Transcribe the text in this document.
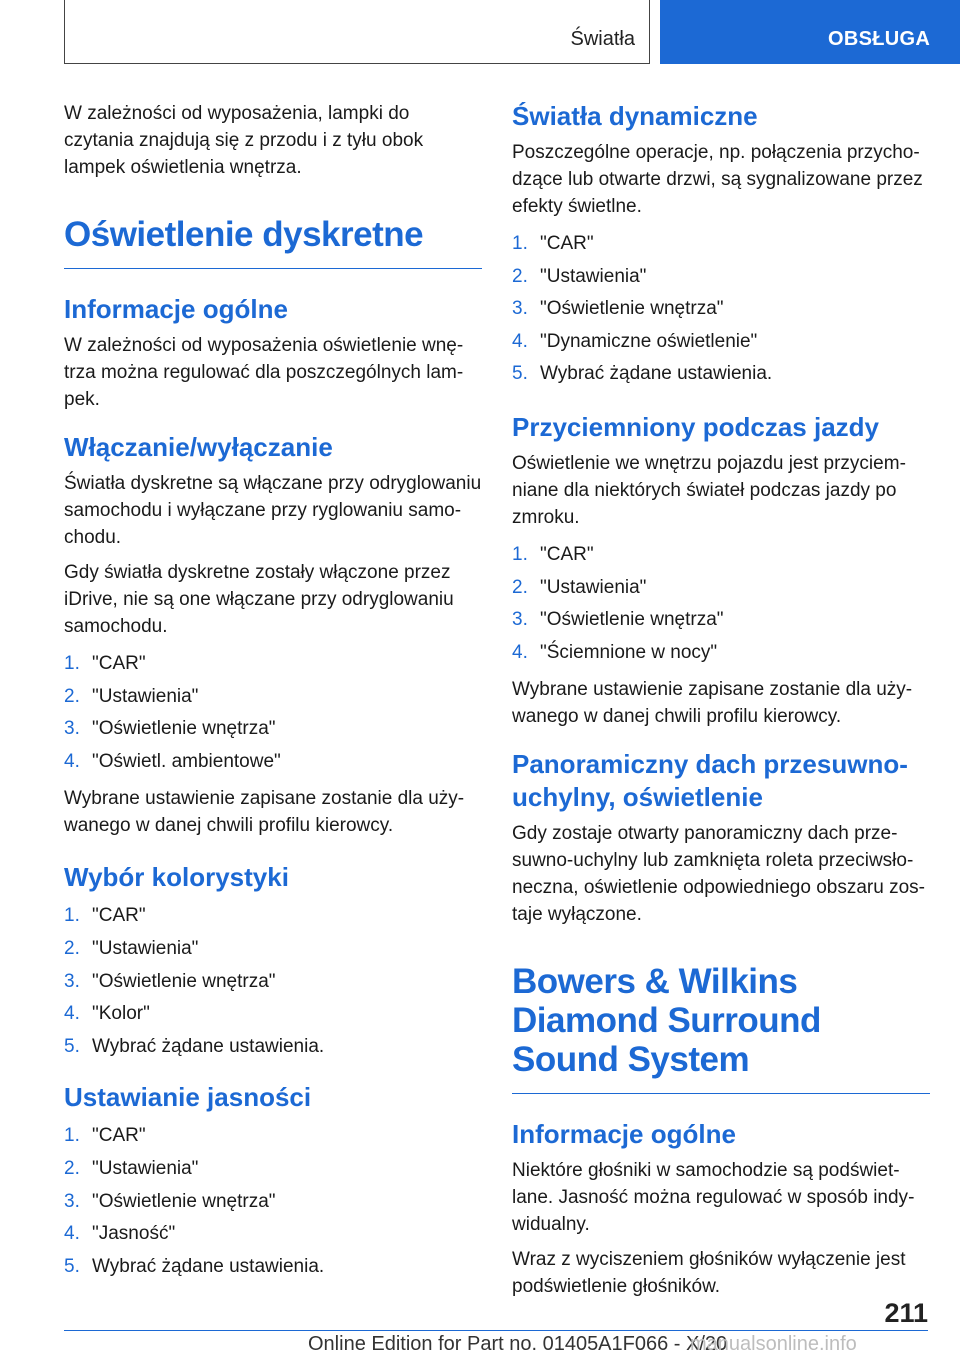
Światła	OBSŁUGA

W zależności od wyposażenia, lampki do czytania znajdują się z przodu i z tyłu obok lampek oświetlenia wnętrza.

Oświetlenie dyskretne
Informacje ogólne

W zależności od wyposażenia oświetlenie wnętrza można regulować dla poszczególnych lampek.

Włączanie/wyłączanie

Światła dyskretne są włączane przy odryglowaniu samochodu i wyłączane przy ryglowaniu samochodu.

Gdy światła dyskretne zostały włączone przez iDrive, nie są one włączane przy odryglowaniu samochodu.

1. "CAR"
2. "Ustawienia"
3. "Oświetlenie wnętrza"
4. "Oświetl. ambientowe"

Wybrane ustawienie zapisane zostanie dla używanego w danej chwili profilu kierowcy.

Wybór kolorystyki
1. "CAR"
2. "Ustawienia"
3. "Oświetlenie wnętrza"
4. "Kolor"
5. Wybrać żądane ustawienia.
Ustawianie jasności
1. "CAR"
2. "Ustawienia"
3. "Oświetlenie wnętrza"
4. "Jasność"
5. Wybrać żądane ustawienia.
Światła dynamiczne

Poszczególne operacje, np. połączenia przychodzące lub otwarte drzwi, są sygnalizowane przez efekty świetlne.

1. "CAR"
2. "Ustawienia"
3. "Oświetlenie wnętrza"
4. "Dynamiczne oświetlenie"
5. Wybrać żądane ustawienia.
Przyciemniony podczas jazdy

Oświetlenie we wnętrzu pojazdu jest przyciemniane dla niektórych świateł podczas jazdy po zmroku.

1. "CAR"
2. "Ustawienia"
3. "Oświetlenie wnętrza"
4. "Ściemnione w nocy"

Wybrane ustawienie zapisane zostanie dla używanego w danej chwili profilu kierowcy.

Panoramiczny dach przesuwno-uchylny, oświetlenie

Gdy zostaje otwarty panoramiczny dach przesuwno-uchylny lub zamknięta roleta przeciwsłoneczna, oświetlenie odpowiedniego obszaru zostaje wyłączone.

Bowers & Wilkins Diamond Surround Sound System
Informacje ogólne

Niektóre głośniki w samochodzie są podświetlane. Jasność można regulować w sposób indywidualny.

Wraz z wyciszeniem głośników wyłączenie jest podświetlenie głośników.

211
Online Edition for Part no. 01405A1F066 - X/20
manualsonline.info
